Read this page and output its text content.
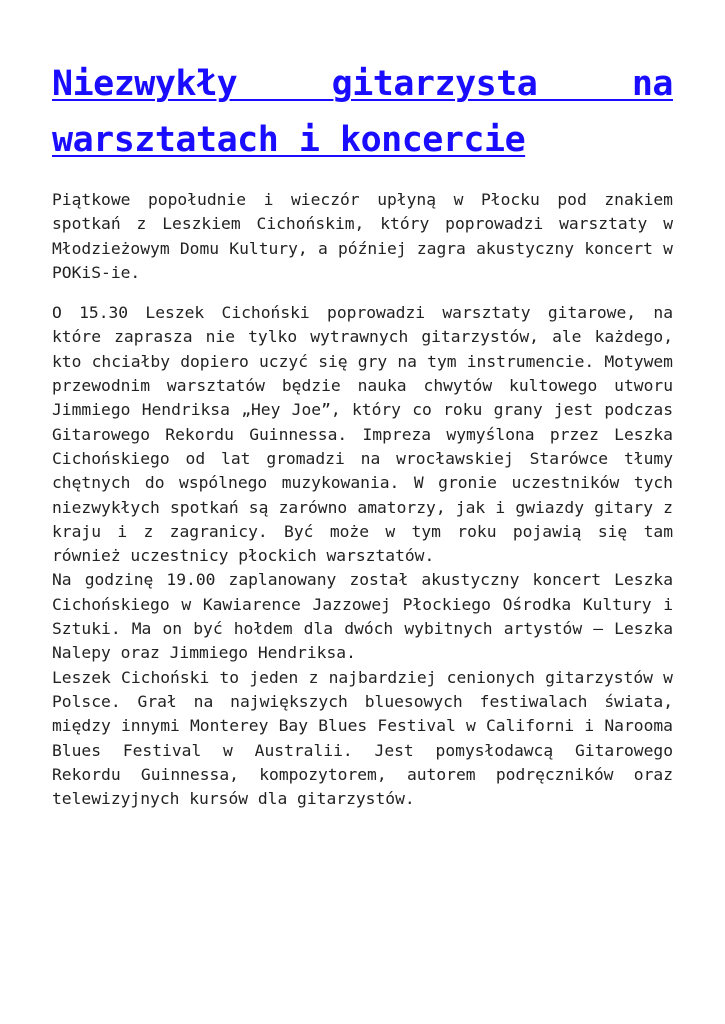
Niezwykły gitarzysta na warsztatach i koncercie

Piątkowe popołudnie i wieczór upłyną w Płocku pod znakiem spotkań z Leszkiem Cichońskim, który poprowadzi warsztaty w Młodzieżowym Domu Kultury, a później zagra akustyczny koncert w POKiS-ie.

O 15.30 Leszek Cichoński poprowadzi warsztaty gitarowe, na które zaprasza nie tylko wytrawnych gitarzystów, ale każdego, kto chciałby dopiero uczyć się gry na tym instrumencie. Motywem przewodnim warsztatów będzie nauka chwytów kultowego utworu Jimmiego Hendriksa „Hey Joe”, który co roku grany jest podczas Gitarowego Rekordu Guinnessa. Impreza wymyślona przez Leszka Cichońskiego od lat gromadzi na wrocławskiej Starówce tłumy chętnych do wspólnego muzykowania. W gronie uczestników tych niezwykłych spotkań są zarówno amatorzy, jak i gwiazdy gitary z kraju i z zagranicy. Być może w tym roku pojawią się tam również uczestnicy płockich warsztatów.
Na godzinę 19.00 zaplanowany został akustyczny koncert Leszka Cichońskiego w Kawiarence Jazzowej Płockiego Ośrodka Kultury i Sztuki. Ma on być hołdem dla dwóch wybitnych artystów – Leszka Nalepy oraz Jimmiego Hendriksa.
Leszek Cichoński to jeden z najbardziej cenionych gitarzystów w Polsce. Grał na największych bluesowych festiwalach świata, między innymi Monterey Bay Blues Festival w Californi i Narooma Blues Festival w Australii. Jest pomysłodawcą Gitarowego Rekordu Guinnessa, kompozytorem, autorem podręczników oraz telewizyjnych kursów dla gitarzystów.
